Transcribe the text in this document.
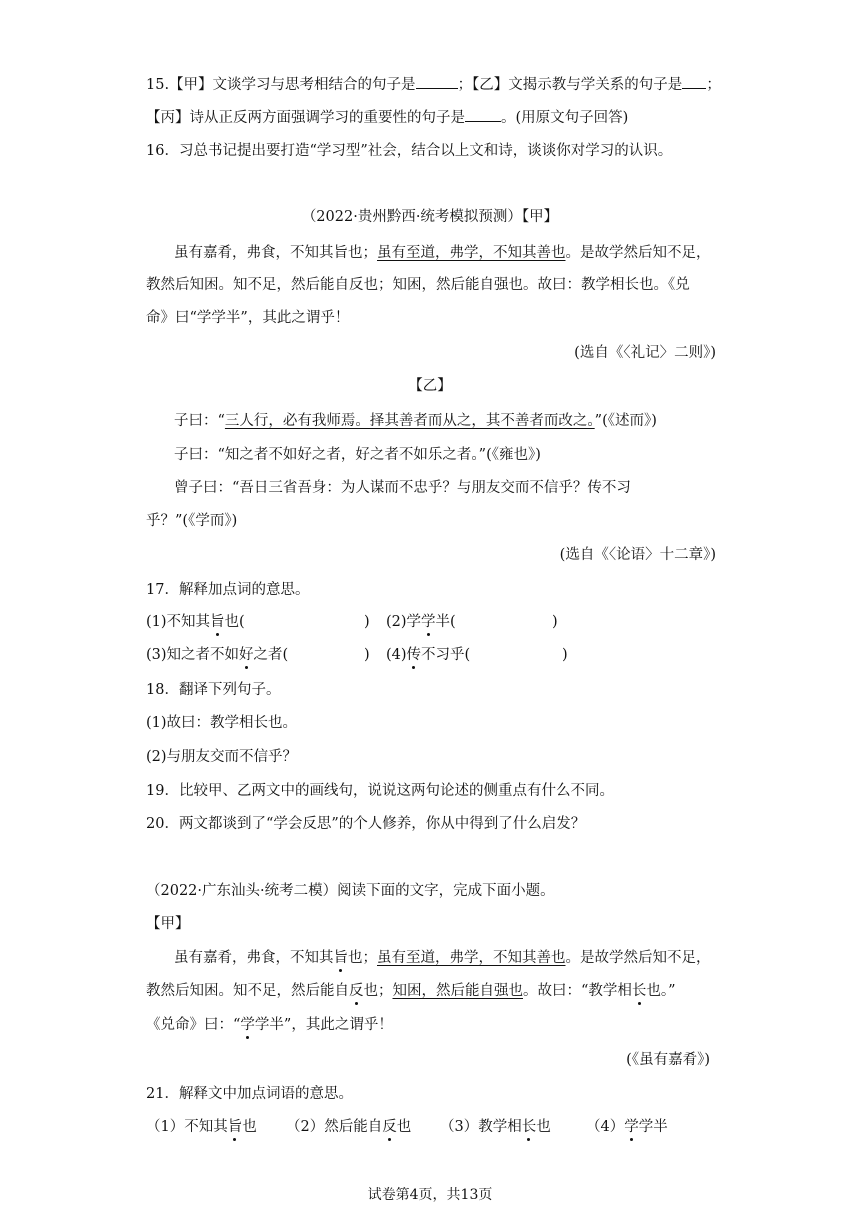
15.【甲】文谈学习与思考相结合的句子是	；【乙】文揭示教与学关系的句子是 ；
【丙】诗从正反两方面强调学习的重要性的句子是 。(用原文句子回答)
16．习总书记提出要打造“学习型”社会，结合以上文和诗，谈谈你对学习的认识。
（2022·贵州黔西·统考模拟预测）【甲】
虽有嘉肴，弗食，不知其旨也；虽有至道，弗学，不知其善也。是故学然后知不足，
教然后知困。知不足，然后能自反也；知困，然后能自强也。故曰：教学相长也。《兑
命》曰“学学半”，其此之谓乎！
(选自《〈礼记〉二则》)
【乙】
子曰：“三人行，必有我师焉。择其善者而从之，其不善者而改之。”(《述而》)
子曰：“知之者不如好之者，好之者不如乐之者。”(《雍也》)
曾子曰：“吾日三省吾身：为人谋而不忠乎？与朋友交而不信乎？传不习
乎？”(《学而》)
(选自《〈论语〉十二章》)
17．解释加点词的意思。
(1)不知其旨也(	)	(2)学学半(	)
(3)知之者不如好之者(	)	(4)传不习乎(	)
18．翻译下列句子。
(1)故曰：教学相长也。
(2)与朋友交而不信乎？
19．比较甲、乙两文中的画线句，说说这两句论述的侧重点有什么不同。
20．两文都谈到了“学会反思”的个人修养，你从中得到了什么启发？
（2022·广东汕头·统考二模）阅读下面的文字，完成下面小题。
【甲】
虽有嘉肴，弗食，不知其旨也；虽有至道，弗学，不知其善也。是故学然后知不足，
教然后知困。知不足，然后能自反也；知困，然后能自强也。故曰：“教学相长也。”
《兑命》曰：“学学半”，其此之谓乎！
(《虽有嘉肴》)
21．解释文中加点词语的意思。
（1）不知其旨也	（2）然后能自反也	（3）教学相长也	（4）学学半
试卷第4页，共13页
